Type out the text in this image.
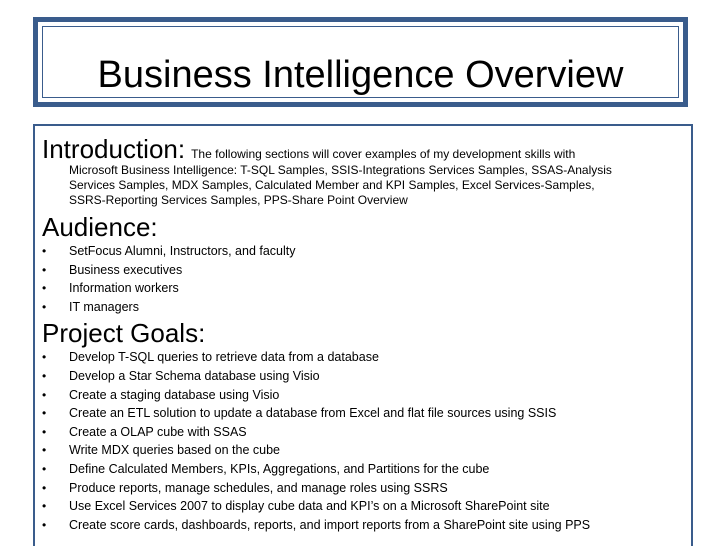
Business Intelligence Overview
Introduction: The following sections will cover examples of my development skills with
Microsoft Business Intelligence: T-SQL Samples, SSIS-Integrations Services Samples, SSAS-Analysis
Services Samples, MDX Samples, Calculated Member and KPI Samples, Excel Services-Samples,
SSRS-Reporting Services Samples, PPS-Share Point Overview
Audience:
• SetFocus Alumni, Instructors, and faculty
• Business executives
• Information workers
• IT managers
Project Goals:
• Develop T-SQL queries to retrieve data from a database
• Develop a Star Schema database using Visio
• Create a staging database using Visio
• Create an ETL solution to update a database from Excel and flat file sources using SSIS
• Create a OLAP cube with SSAS
• Write MDX queries based on the cube
• Define Calculated Members, KPIs, Aggregations, and Partitions for the cube
• Produce reports, manage schedules, and manage roles using SSRS
• Use Excel Services 2007 to display cube data and KPI’s on a Microsoft SharePoint site
• Create score cards, dashboards, reports, and import reports from a SharePoint site using PPS
